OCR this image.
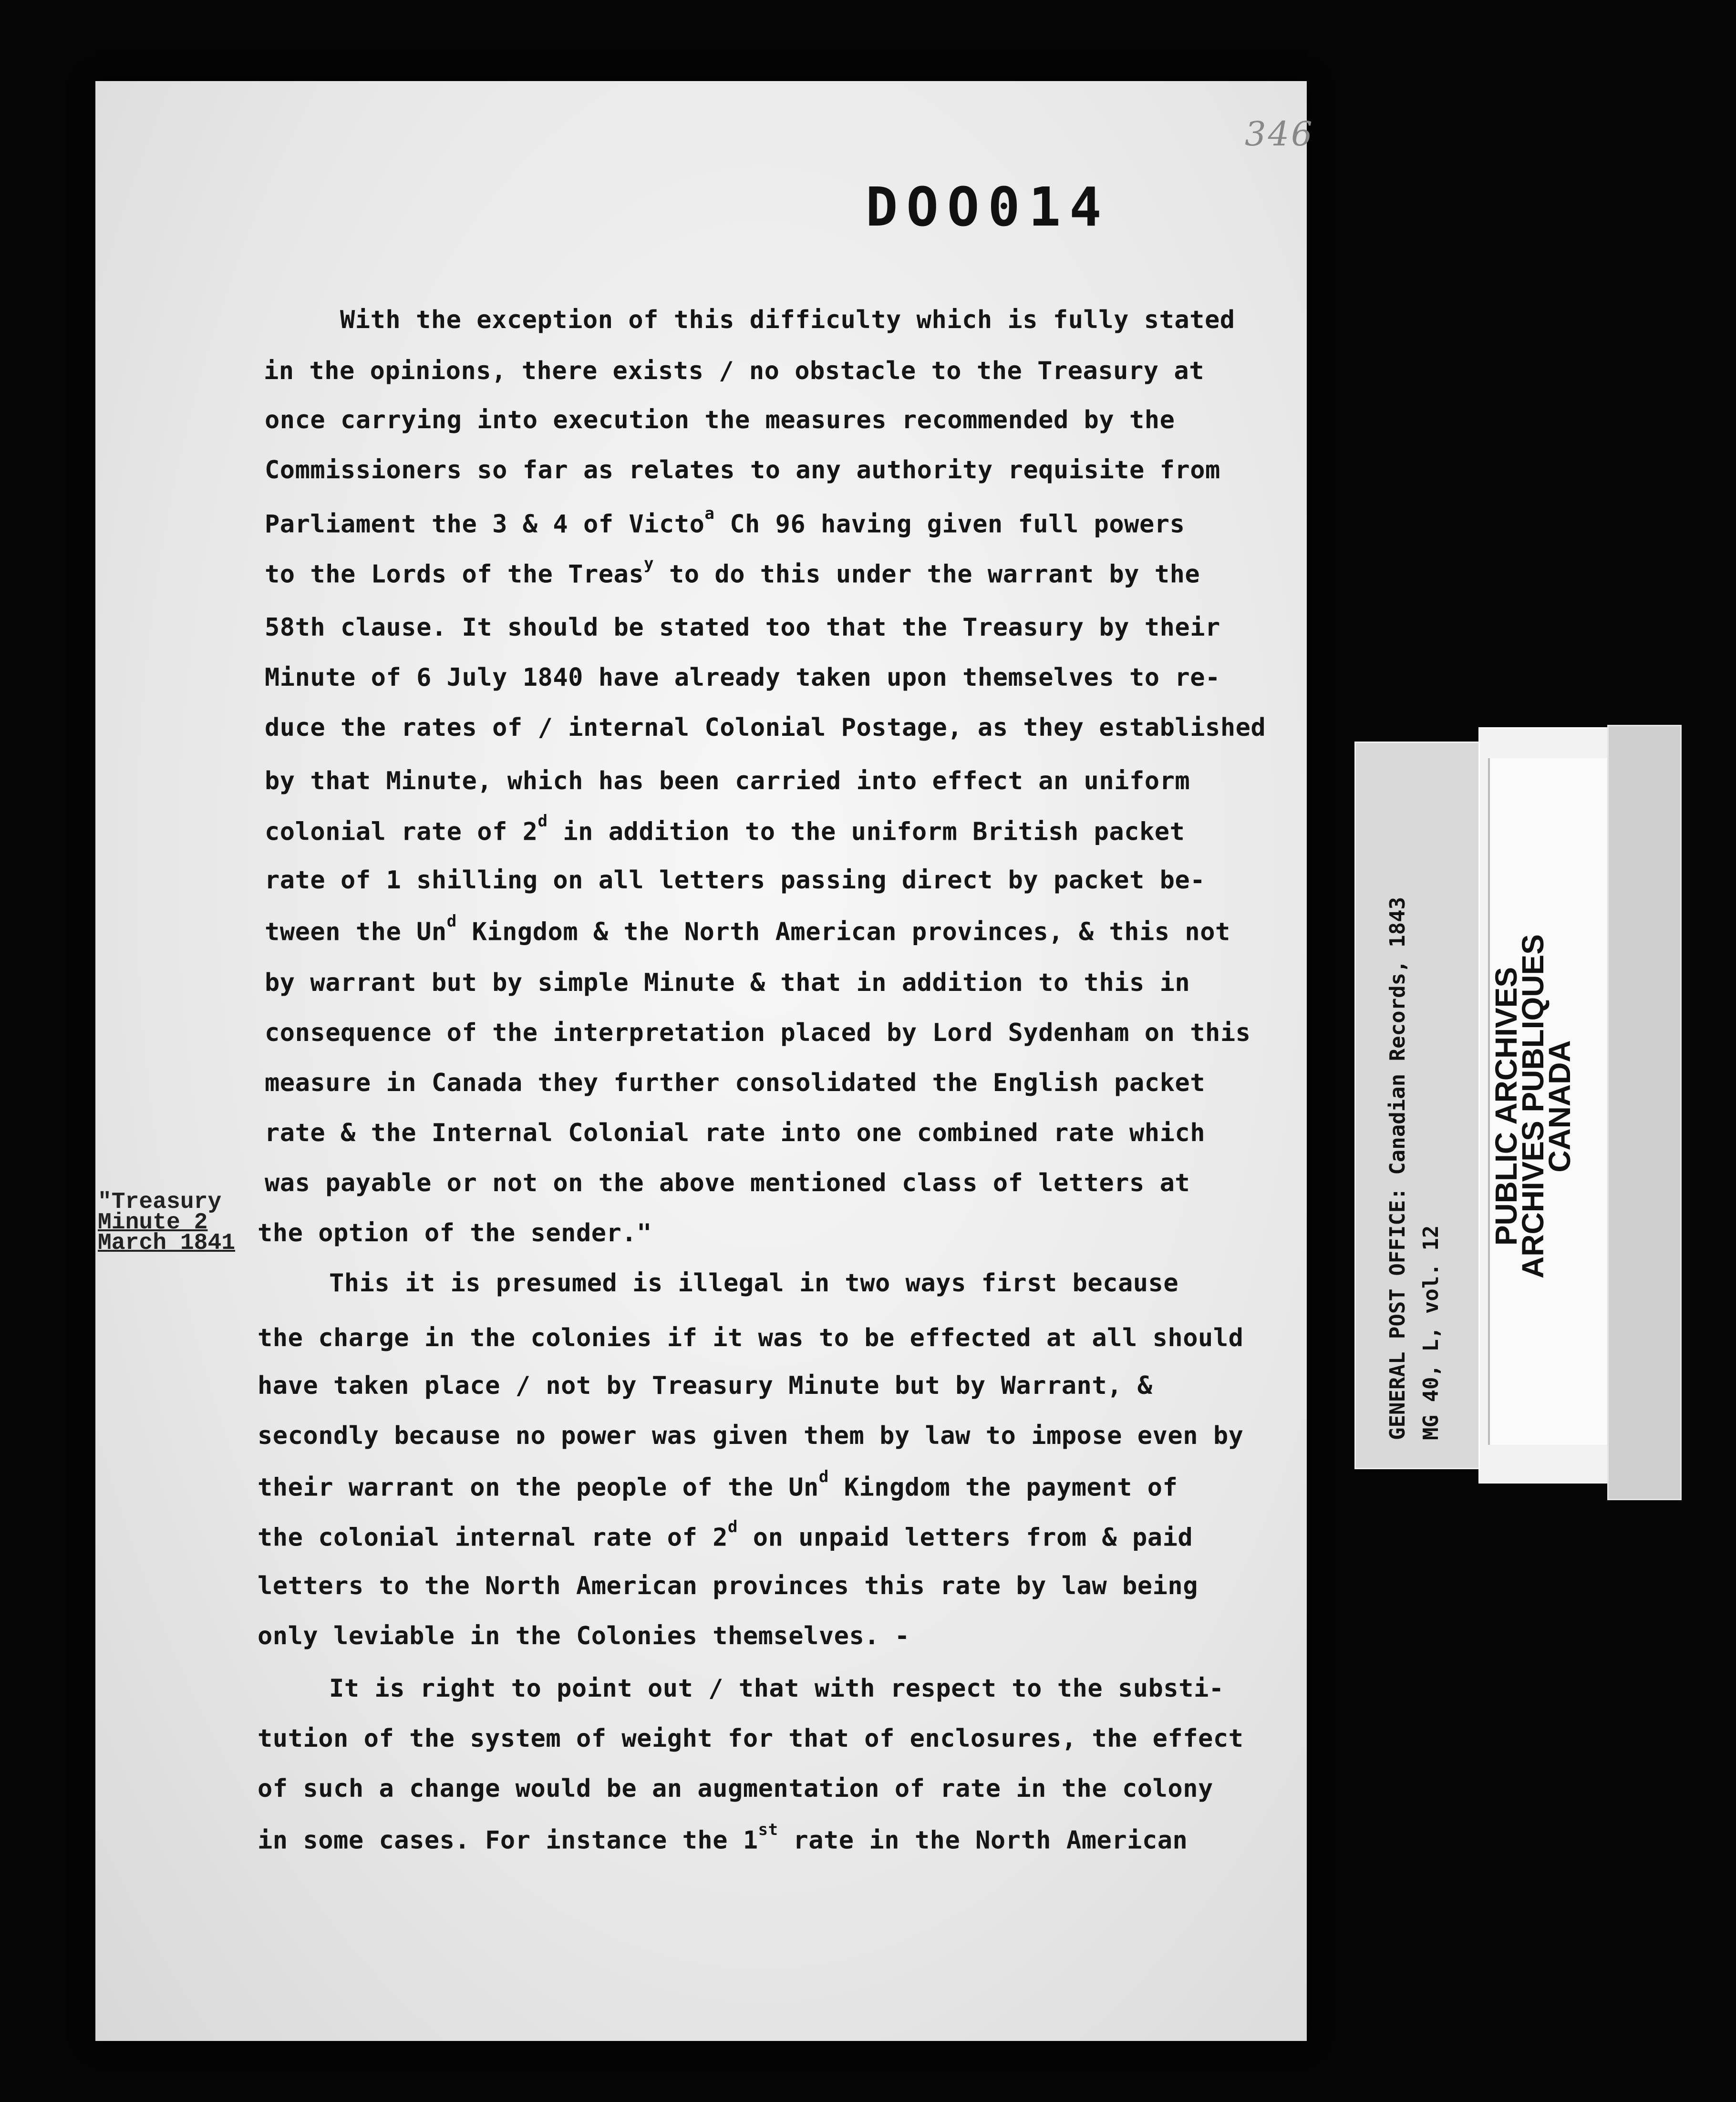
346
DOO014
With the exception of this difficulty which is fully stated
in the opinions, there exists / no obstacle to the Treasury at
once carrying into execution the measures recommended by the
Commissioners so far as relates to any authority requisite from
Parliament the 3 & 4 of Victo$^a$ Ch 96 having given full powers
to the Lords of the Treas$^y$ to do this under the warrant by the
58th clause. It should be stated too that the Treasury by their
Minute of 6 July 1840 have already taken upon themselves to re-
duce the rates of / internal Colonial Postage, as they established
by that Minute, which has been carried into effect an uniform
colonial rate of 2$^d$ in addition to the uniform British packet
rate of 1 shilling on all letters passing direct by packet be-
tween the Un$^d$ Kingdom & the North American provinces, & this not
by warrant but by simple Minute & that in addition to this in
consequence of the interpretation placed by Lord Sydenham on this
measure in Canada they further consolidated the English packet
rate & the Internal Colonial rate into one combined rate which
was payable or not on the above mentioned class of letters at
the option of the sender."
This it is presumed is illegal in two ways first because
the charge in the colonies if it was to be effected at all should
have taken place / not by Treasury Minute but by Warrant, &
secondly because no power was given them by law to impose even by
their warrant on the people of the Un$^d$ Kingdom the payment of
the colonial internal rate of 2$^d$ on unpaid letters from & paid
letters to the North American provinces this rate by law being
only leviable in the Colonies themselves. -
It is right to point out / that with respect to the substi-
tution of the system of weight for that of enclosures, the effect
of such a change would be an augmentation of rate in the colony
in some cases. For instance the 1st rate in the North American
"Treasury
Minute 2
March 1841	GENERAL POST OFFICE: Canadian Records, 1843 MG 40, L, vol. 12
PUBLIC ARCHIVES
ARCHIVES PUBLIQUES
CANADA
